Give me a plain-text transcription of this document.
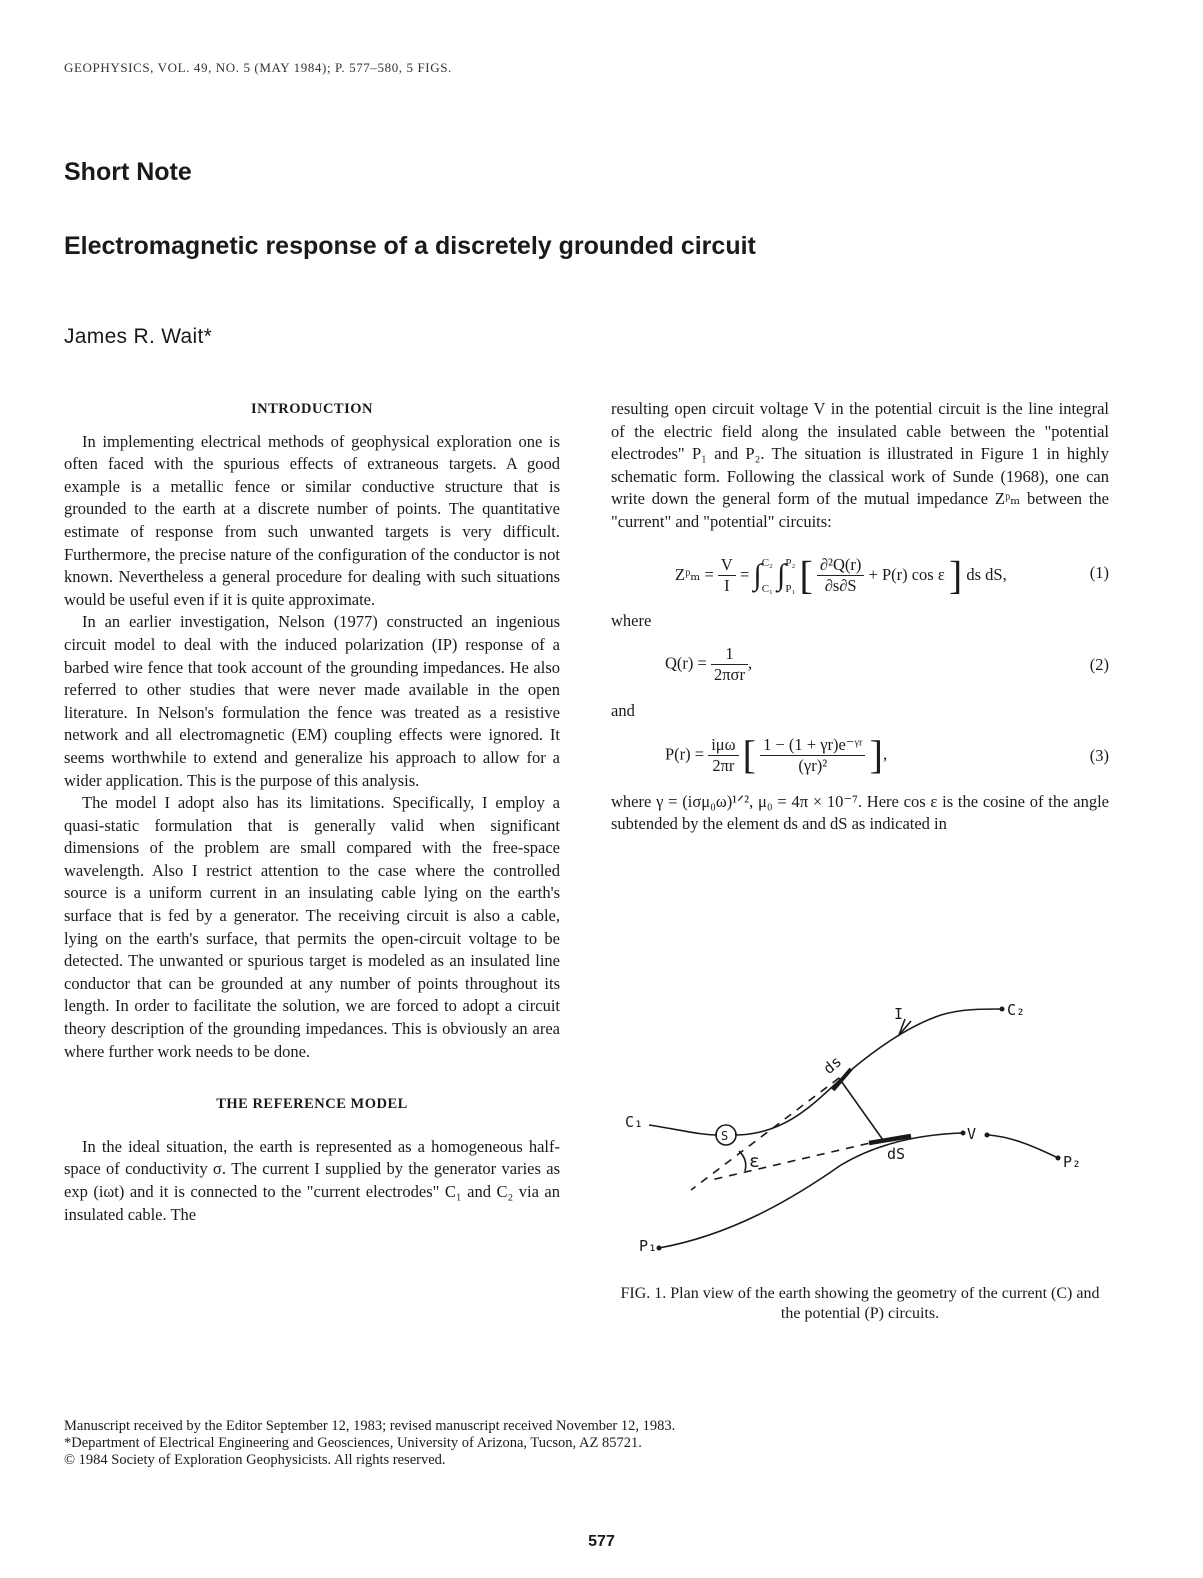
GEOPHYSICS, VOL. 49, NO. 5 (MAY 1984); P. 577–580, 5 FIGS.
Short Note
Electromagnetic response of a discretely grounded circuit
James R. Wait*
INTRODUCTION

In implementing electrical methods of geophysical exploration one is often faced with the spurious effects of extraneous targets. A good example is a metallic fence or similar conductive structure that is grounded to the earth at a discrete number of points. The quantitative estimate of response from such unwanted targets is very difficult. Furthermore, the precise nature of the configuration of the conductor is not known. Nevertheless a general procedure for dealing with such situations would be useful even if it is quite approximate.

In an earlier investigation, Nelson (1977) constructed an ingenious circuit model to deal with the induced polarization (IP) response of a barbed wire fence that took account of the grounding impedances. He also referred to other studies that were never made available in the open literature. In Nelson's formulation the fence was treated as a resistive network and all electromagnetic (EM) coupling effects were ignored. It seems worthwhile to extend and generalize his approach to allow for a wider application. This is the purpose of this analysis.

The model I adopt also has its limitations. Specifically, I employ a quasi-static formulation that is generally valid when significant dimensions of the problem are small compared with the free-space wavelength. Also I restrict attention to the case where the controlled source is a uniform current in an insulating cable lying on the earth's surface that is fed by a generator. The receiving circuit is also a cable, lying on the earth's surface, that permits the open-circuit voltage to be detected. The unwanted or spurious target is modeled as an insulated line conductor that can be grounded at any number of points throughout its length. In order to facilitate the solution, we are forced to adopt a circuit theory description of the grounding impedances. This is obviously an area where further work needs to be done.

THE REFERENCE MODEL

In the ideal situation, the earth is represented as a homogeneous half-space of conductivity σ. The current I supplied by the generator varies as exp (iωt) and it is connected to the "current electrodes" C₁ and C₂ via an insulated cable. The

resulting open circuit voltage V in the potential circuit is the line integral of the electric field along the insulated cable between the "potential electrodes" P₁ and P₂. The situation is illustrated in Figure 1 in highly schematic form. Following the classical work of Sunde (1968), one can write down the general form of the mutual impedance Zᵖₘ between the "current" and "potential" circuits:

Zᵖₘ = $\frac{V}{I}$ = ∫ C₂
C₁ ∫ P₂
P₁ [ $\frac{\text{∂²Q(r)}}{\partial s\partial S} + P(r)$ cos ε ] ds dS,	(1)

where

$Q(r) = \frac{1}{\text{2πσr}}$ ,	(2)

and

$P(r) = \frac{\text{iμω}}{2\pi r}$ [ $\frac{\text{1 − (1 + γr)e⁻ᵞʳ}}{\text{(γr)²}}$ ],	(3)

where γ = (iσμ₀ω)¹ᐟ², μ₀ = 4π × 10⁻⁷. Here cos ε is the cosine of the angle subtended by the element ds and dS as indicated in

C₁
C₂
P₁
P₂
I
V
ds
dS
ε
S
FIG. 1. Plan view of the earth showing the geometry of the current (C) and the potential (P) circuits.
Manuscript received by the Editor September 12, 1983; revised manuscript received November 12, 1983.
*Department of Electrical Engineering and Geosciences, University of Arizona, Tucson, AZ 85721.
© 1984 Society of Exploration Geophysicists. All rights reserved.
577
